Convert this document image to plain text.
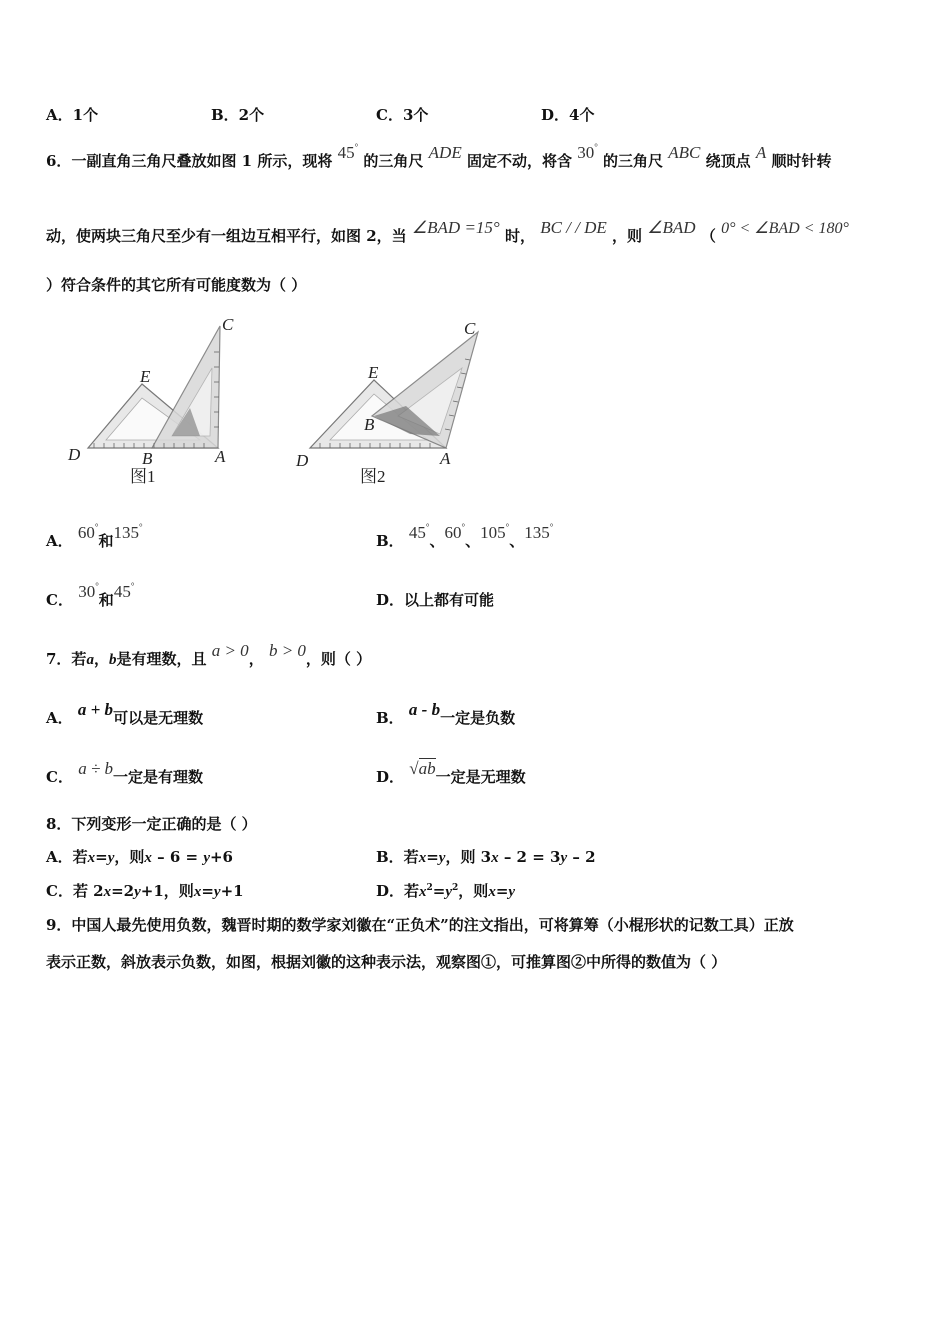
A．1个	B．2个	C．3个	D．4个
6．一副直角三角尺叠放如图 1 所示，现将 45° 的三角尺 ADE 固定不动，将含 30° 的三角尺 ABC 绕顶点 A 顺时针转
动，使两块三角尺至少有一组边互相平行，如图 2，当 ∠BAD =15° 时， BC / / DE ，则 ∠BAD （ 0° < ∠BAD < 180°
）符合条件的其它所有可能度数为（ ）
C
E
D	B	A
图1
C
E
B
D	A
图2
A． 60°和135°
B． 45°、60°、105°、135°
C． 30°和45°
D．以上都有可能
7．若a，b是有理数，且 a > 0， b > 0，则（ ）
A． a + b可以是无理数	B． a - b一定是负数
C． a ÷ b一定是有理数	D． √ab一定是无理数
8．下列变形一定正确的是（ ）
A．若x=y，则x – 6 = y+6	B．若x=y，则 3x – 2 = 3y – 2
C．若 2x=2y+1，则x=y+1	D．若$x^2=y^2$，则x=y
9．中国人最先使用负数，魏晋时期的数学家刘徽在“正负术”的注文指出，可将算筹（小棍形状的记数工具）正放
表示正数，斜放表示负数，如图，根据刘徽的这种表示法，观察图①，可推算图②中所得的数值为（ ）
